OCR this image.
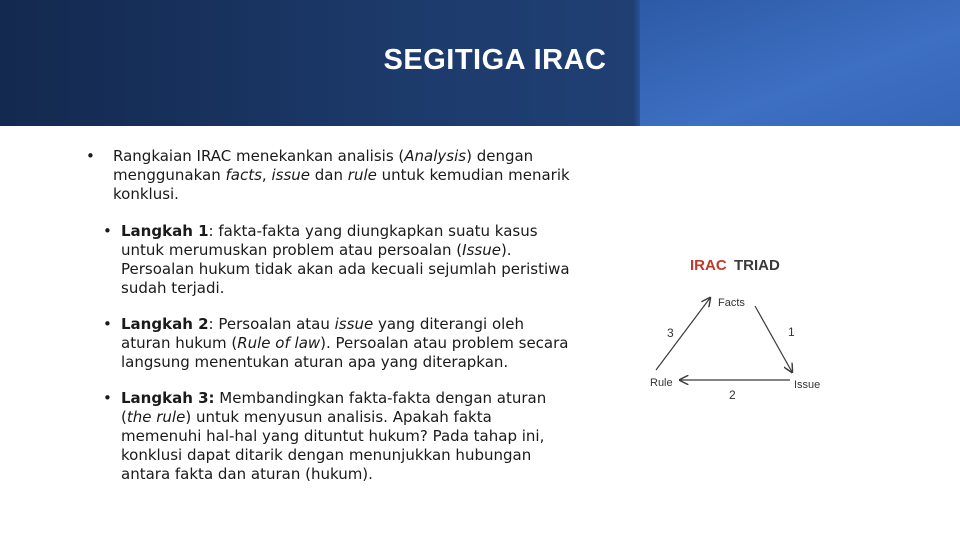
SEGITIGA IRAC
• Rangkaian IRAC menekankan analisis (Analysis) dengan menggunakan facts, issue dan rule untuk kemudian menarik konklusi.
• Langkah 1: fakta-fakta yang diungkapkan suatu kasus untuk merumuskan problem atau persoalan (Issue). Persoalan hukum tidak akan ada kecuali sejumlah peristiwa sudah terjadi.
• Langkah 2: Persoalan atau issue yang diterangi oleh aturan hukum (Rule of law). Persoalan atau problem secara langsung menentukan aturan apa yang diterapkan.
• Langkah 3: Membandingkan fakta-fakta dengan aturan (the rule) untuk menyusun analisis. Apakah fakta memenuhi hal-hal yang dituntut hukum? Pada tahap ini, konklusi dapat ditarik dengan menunjukkan hubungan antara fakta dan aturan (hukum).
IRAC TRIAD
Facts
Issue
Rule
1
2
3
